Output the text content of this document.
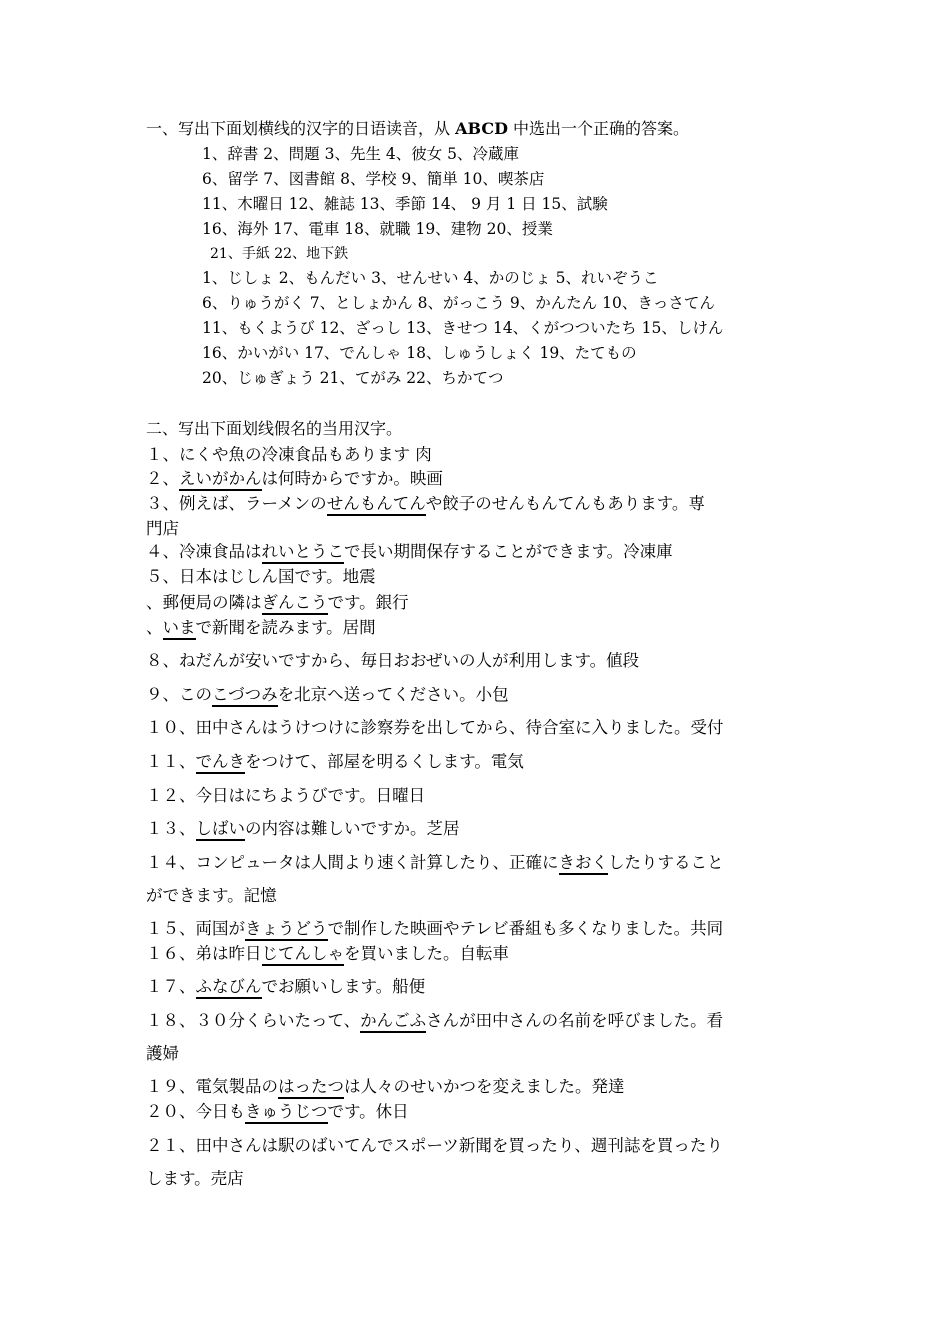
一、写出下面划横线的汉字的日语读音，从 ABCD 中选出一个正确的答案。
1、辞書 2、問題 3、先生 4、彼女 5、冷蔵庫
6、留学 7、図書館 8、学校 9、簡単 10、喫茶店
11、木曜日 12、雑誌 13、季節 14、 9 月 1 日 15、試験
16、海外 17、電車 18、就職 19、建物 20、授業
21、手紙 22、地下鉄
1、じしょ 2、もんだい 3、せんせい 4、かのじょ 5、れいぞうこ
6、りゅうがく 7、としょかん 8、がっこう 9、かんたん 10、きっさてん
11、もくようび 12、ざっし 13、きせつ 14、くがつついたち 15、しけん
16、かいがい 17、でんしゃ 18、しゅうしょく 19、たてもの
20、じゅぎょう 21、てがみ 22、ちかてつ
二、写出下面划线假名的当用汉字。
１、にくや魚の冷凍食品もあります 肉
２、えいがかんは何時からですか。映画
３、例えば、ラーメンのせんもんてんや餃子のせんもんてんもあります。専
門店
４、冷凍食品はれいとうこで長い期間保存することができます。冷凍庫
５、日本はじしん国です。地震
、郵便局の隣はぎんこうです。銀行
、いまで新聞を読みます。居間
８、ねだんが安いですから、毎日おおぜいの人が利用します。値段
９、このこづつみを北京へ送ってください。小包
１０、田中さんはうけつけに診察券を出してから、待合室に入りました。受付
１１、でんきをつけて、部屋を明るくします。電気
１２、今日はにちようびです。日曜日
１３、しばいの内容は難しいですか。芝居
１４、コンピュータは人間より速く計算したり、正確にきおくしたりすること
ができます。記憶
１５、両国がきょうどうで制作した映画やテレビ番組も多くなりました。共同
１６、弟は昨日じてんしゃを買いました。自転車
１７、ふなびんでお願いします。船便
１８、３０分くらいたって、かんごふさんが田中さんの名前を呼びました。看
護婦
１９、電気製品のはったつは人々のせいかつを変えました。発達
２０、今日もきゅうじつです。休日
２１、田中さんは駅のばいてんでスポーツ新聞を買ったり、週刊誌を買ったり
します。売店
